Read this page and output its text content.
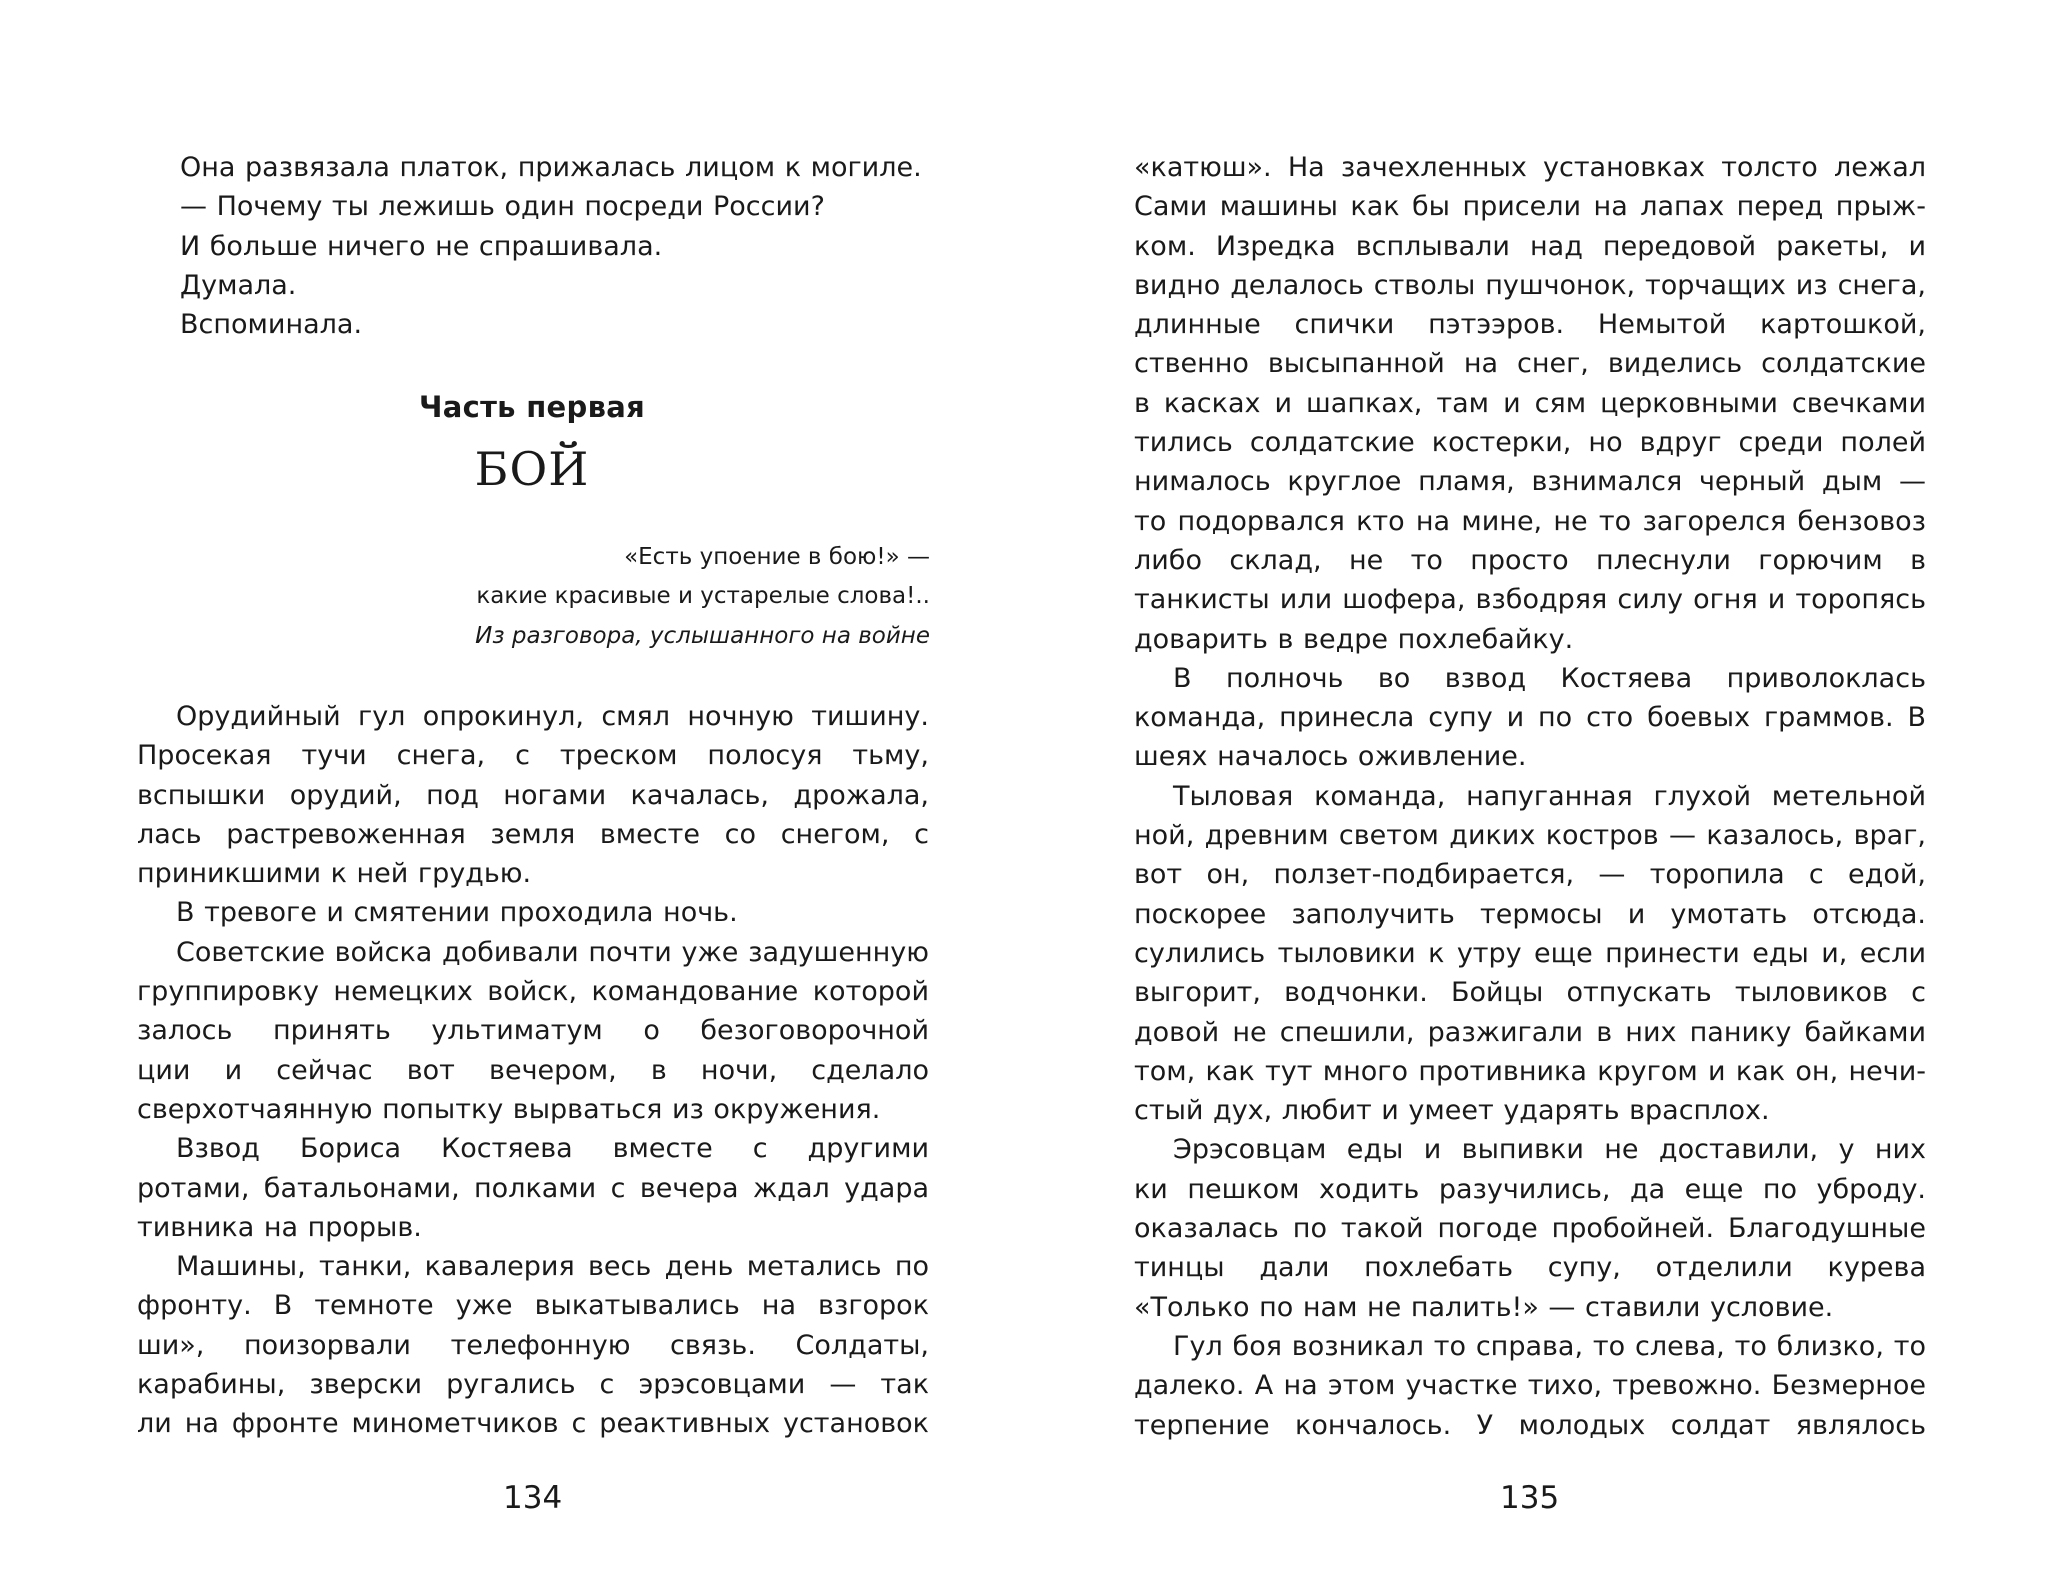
Она развязала платок, прижалась лицом к могиле.
— Почему ты лежишь один посреди России?
И больше ничего не спрашивала.
Думала.
Вспоминала.
Часть первая
БОЙ
«Есть упоение в бою!» —
какие красивые и устарелые слова!..
Из разговора, услышанного на войне
Орудийный гул опрокинул, смял ночную тишину.
Просекая тучи снега, с треском полосуя тьму,
вспышки орудий, под ногами качалась, дрожала,
лась растревоженная земля вместе со снегом, с
приникшими к ней грудью.
В тревоге и смятении проходила ночь.
Советские войска добивали почти уже задушенную
группировку немецких войск, командование которой
залось принять ультиматум о безоговорочной
ции и сейчас вот вечером, в ночи, сделало
сверхотчаянную попытку вырваться из окружения.
Взвод Бориса Костяева вместе с другими
ротами, батальонами, полками с вечера ждал удара
тивника на прорыв.
Машины, танки, кавалерия весь день метались по
фронту. В темноте уже выкатывались на взгорок
ши», поизорвали телефонную связь. Солдаты,
карабины, зверски ругались с эрэсовцами — так
ли на фронте минометчиков с реактивных установок
134	135
«катюш». На зачехленных установках толсто лежал
Сами машины как бы присели на лапах перед прыж-
ком. Изредка всплывали над передовой ракеты, и
видно делалось стволы пушчонок, торчащих из снега,
длинные спички пэтээров. Немытой картошкой,
ственно высыпанной на снег, виделись солдатские
в касках и шапках, там и сям церковными свечками
тились солдатские костерки, но вдруг среди полей
нималось круглое пламя, взнимался черный дым —
то подорвался кто на мине, не то загорелся бензовоз
либо склад, не то просто плеснули горючим в
танкисты или шофера, взбодряя силу огня и торопясь
доварить в ведре похлебайку.
В полночь во взвод Костяева приволоклась
команда, принесла супу и по сто боевых граммов. В
шеях началось оживление.
Тыловая команда, напуганная глухой метельной
ной, древним светом диких костров — казалось, враг,
вот он, ползет-подбирается, — торопила с едой,
поскорее заполучить термосы и умотать отсюда.
сулились тыловики к утру еще принести еды и, если
выгорит, водчонки. Бойцы отпускать тыловиков с
довой не спешили, разжигали в них панику байками
том, как тут много противника кругом и как он, нечи-
стый дух, любит и умеет ударять врасплох.
Эрэсовцам еды и выпивки не доставили, у них
ки пешком ходить разучились, да еще по уброду.
оказалась по такой погоде пробойней. Благодушные
тинцы дали похлебать супу, отделили курева
«Только по нам не палить!» — ставили условие.
Гул боя возникал то справа, то слева, то близко, то
далеко. А на этом участке тихо, тревожно. Безмерное
терпение кончалось. У молодых солдат являлось
